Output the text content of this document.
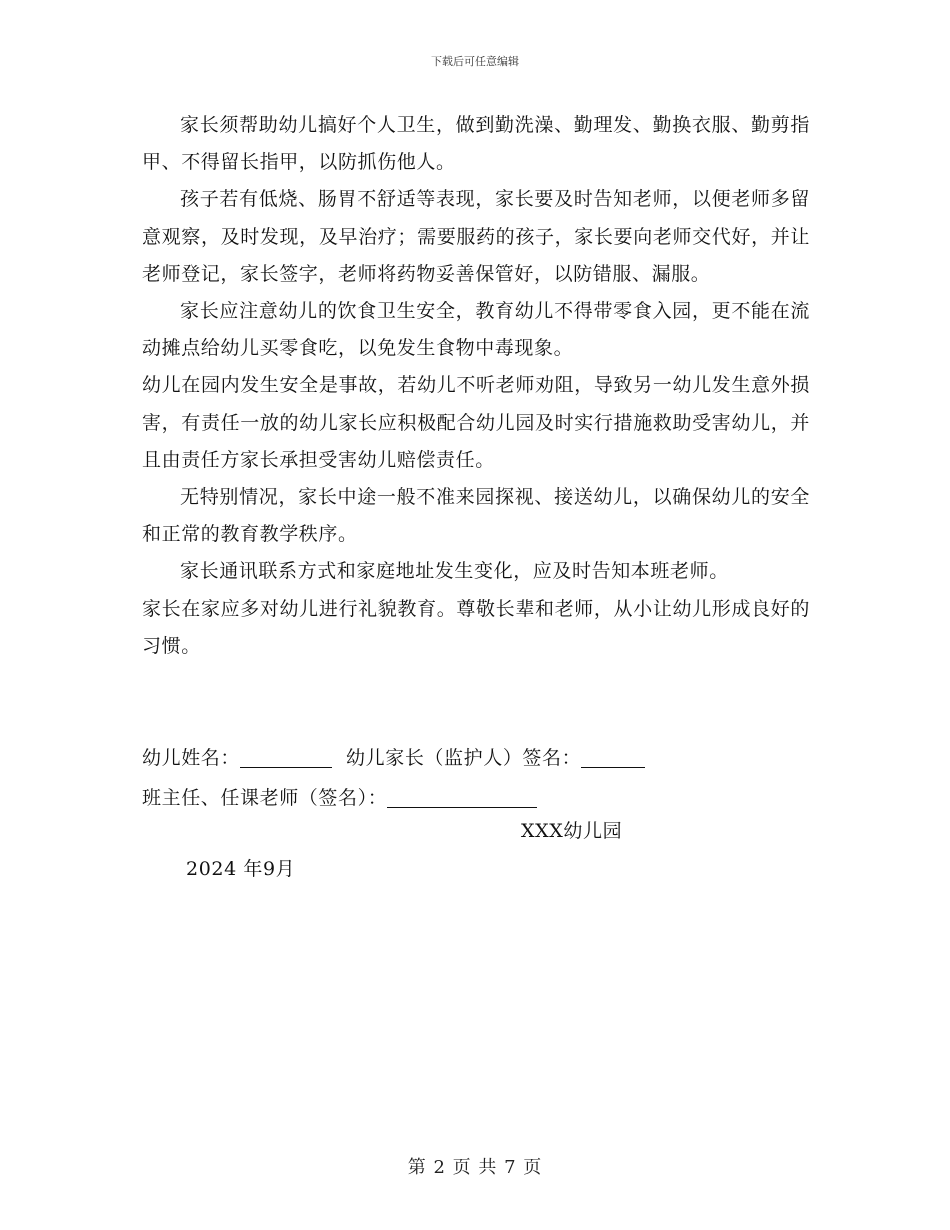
下载后可任意编辑

家长须帮助幼儿搞好个人卫生，做到勤洗澡、勤理发、勤换衣服、勤剪指甲、不得留长指甲，以防抓伤他人。

孩子若有低烧、肠胃不舒适等表现，家长要及时告知老师，以便老师多留意观察，及时发现，及早治疗；需要服药的孩子，家长要向老师交代好，并让老师登记，家长签字，老师将药物妥善保管好，以防错服、漏服。

家长应注意幼儿的饮食卫生安全，教育幼儿不得带零食入园，更不能在流动摊点给幼儿买零食吃，以免发生食物中毒现象。

幼儿在园内发生安全是事故，若幼儿不听老师劝阻，导致另一幼儿发生意外损害，有责任一放的幼儿家长应积极配合幼儿园及时实行措施救助受害幼儿，并且由责任方家长承担受害幼儿赔偿责任。

无特别情况，家长中途一般不准来园探视、接送幼儿，以确保幼儿的安全和正常的教育教学秩序。

家长通讯联系方式和家庭地址发生变化，应及时告知本班老师。

家长在家应多对幼儿进行礼貌教育。尊敬长辈和老师，从小让幼儿形成良好的习惯。

幼儿姓名：	幼儿家长（监护人）签名：

班主任、任课老师（签名）：

XXX幼儿园
2024 年9月
第 2 页 共 7 页
